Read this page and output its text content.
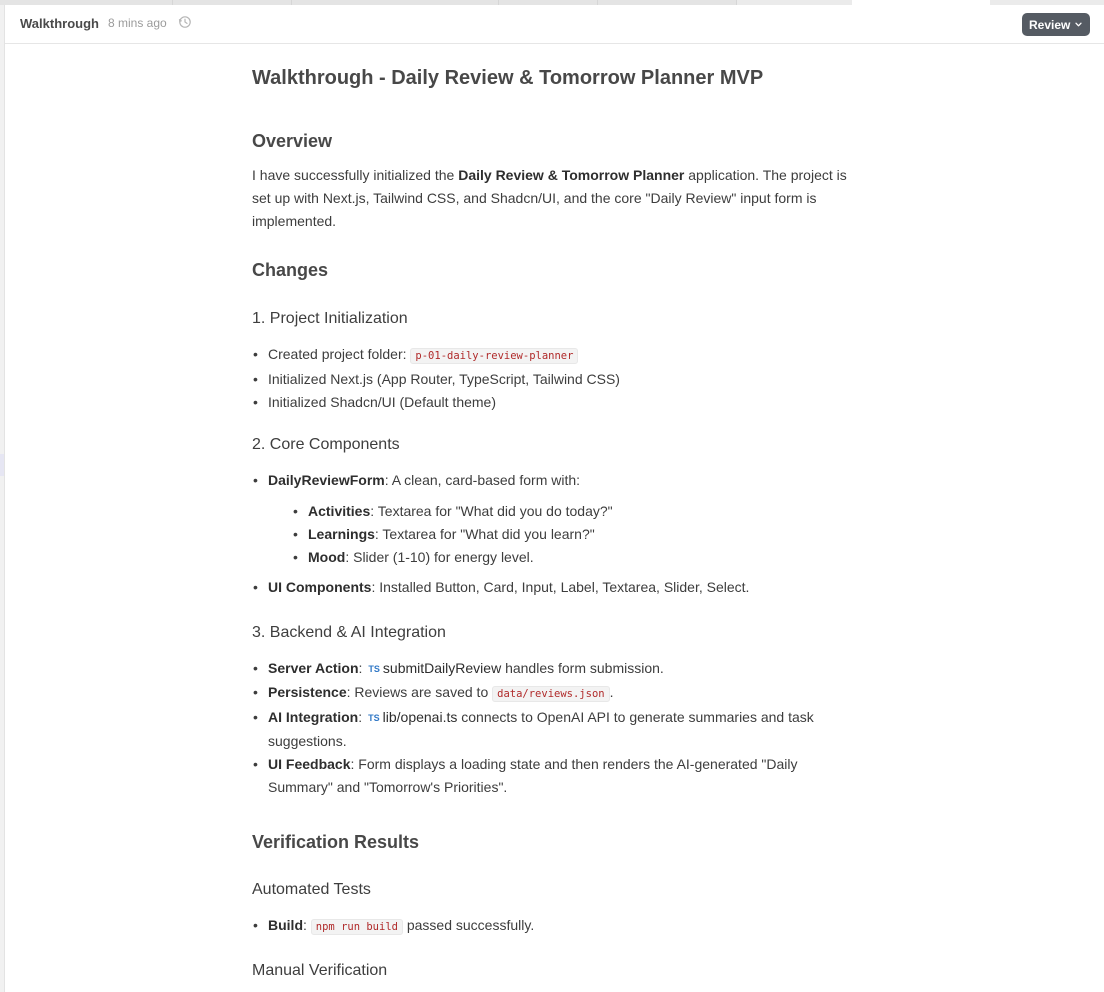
Walkthrough 8 mins ago	Review
Walkthrough - Daily Review & Tomorrow Planner MVP
Overview

I have successfully initialized the Daily Review & Tomorrow Planner application. The project is set up with Next.js, Tailwind CSS, and Shadcn/UI, and the core "Daily Review" input form is implemented.

Changes
1. Project Initialization
• Created project folder: p-01-daily-review-planner
• Initialized Next.js (App Router, TypeScript, Tailwind CSS)
• Initialized Shadcn/UI (Default theme)
2. Core Components
• DailyReviewForm: A clean, card-based form with:
• Activities: Textarea for "What did you do today?"
• Learnings: Textarea for "What did you learn?"
• Mood: Slider (1-10) for energy level.
• UI Components: Installed Button, Card, Input, Label, Textarea, Slider, Select.
3. Backend & AI Integration
• Server Action: TS submitDailyReview handles form submission.
• Persistence: Reviews are saved to data/reviews.json .
• AI Integration: TS lib/openai.ts connects to OpenAI API to generate summaries and task suggestions.
• UI Feedback: Form displays a loading state and then renders the AI-generated "Daily Summary" and "Tomorrow's Priorities".
Verification Results
Automated Tests
• Build: npm run build passed successfully.
Manual Verification
